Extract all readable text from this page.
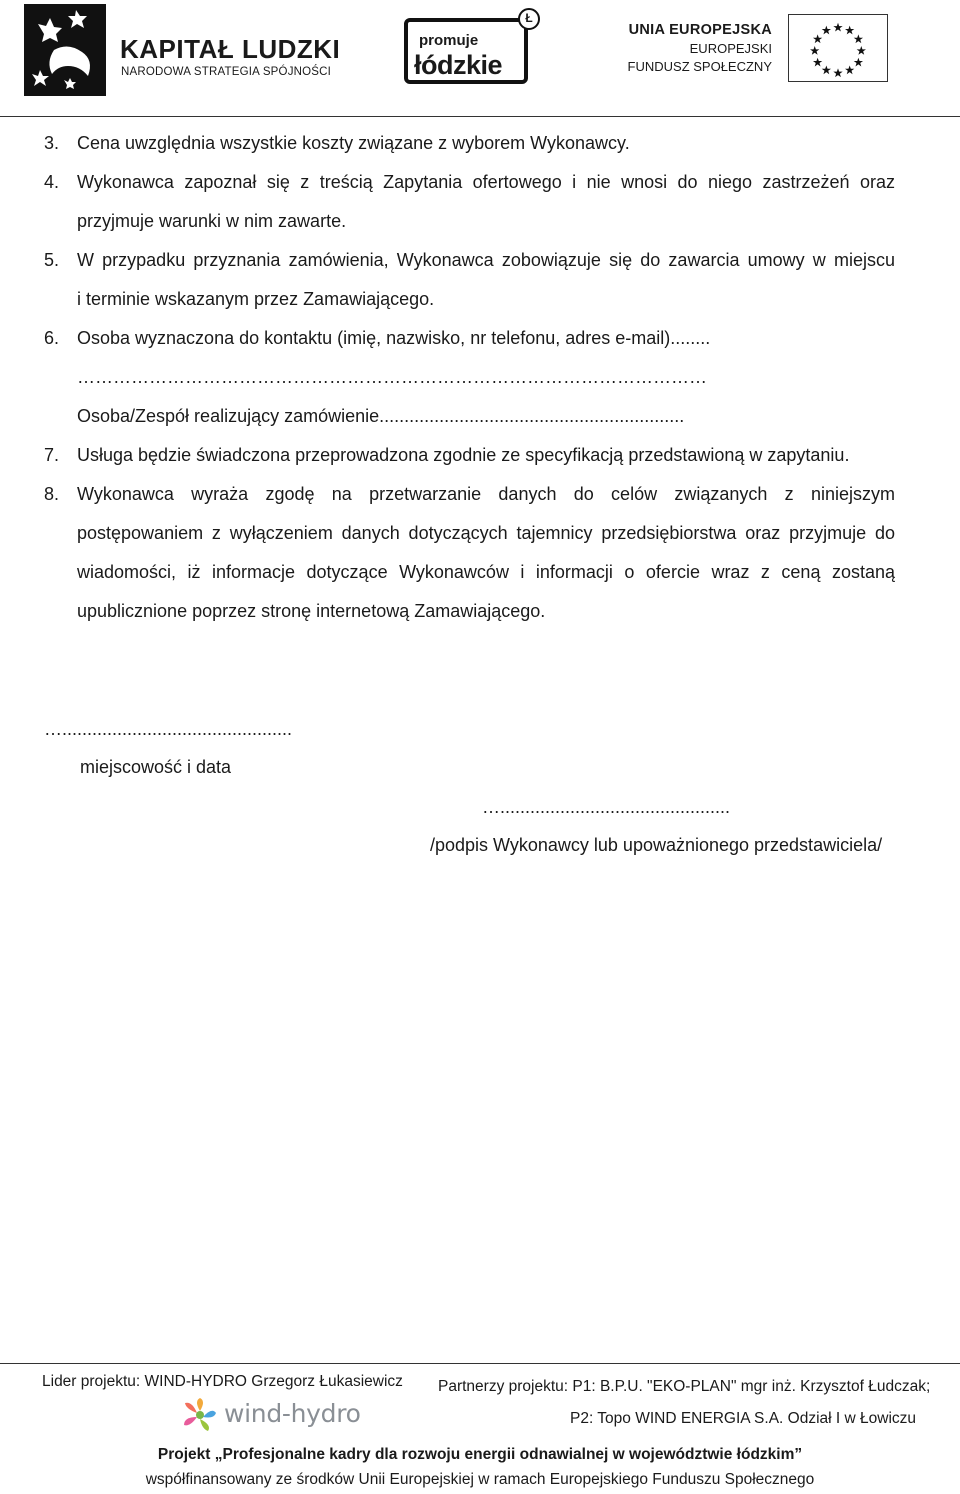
KAPITAŁ LUDZKI
NARODOWA STRATEGIA SPÓJNOŚCI
promuje
łódzkie
Ł
UNIA EUROPEJSKA
EUROPEJSKI
FUNDUSZ SPOŁECZNY
3. Cena uwzględnia wszystkie koszty związane z wyborem Wykonawcy.
4. Wykonawca zapoznał się z treścią Zapytania ofertowego i nie wnosi do niego zastrzeżeń oraz
przyjmuje warunki w nim zawarte.
5. W przypadku przyznania zamówienia, Wykonawca zobowiązuje się do zawarcia umowy w miejscu
i terminie wskazanym przez Zamawiającego.
6. Osoba wyznaczona do kontaktu (imię, nazwisko, nr telefonu, adres e-mail)........
……………………………………………………………………………………………
Osoba/Zespół realizujący zamówienie.............................................................
7. Usługa będzie świadczona przeprowadzona zgodnie ze specyfikacją przedstawioną w zapytaniu.
8. Wykonawca wyraża zgodę na przetwarzanie danych do celów związanych z niniejszym
postępowaniem z wyłączeniem danych dotyczących tajemnicy przedsiębiorstwa oraz przyjmuje do
wiadomości, iż informacje dotyczące Wykonawców i informacji o ofercie wraz z ceną zostaną
upublicznione poprzez stronę internetową Zamawiającego.
…..............................................
miejscowość i data
…..............................................
/podpis Wykonawcy lub upoważnionego przedstawiciela/
Lider projektu: WIND-HYDRO Grzegorz Łukasiewicz Partnerzy projektu: P1: B.P.U. "EKO-PLAN" mgr inż. Krzysztof Łudczak;
P2: Topo WIND ENERGIA S.A. Odział I w Łowiczu
wind-hydro
Projekt „Profesjonalne kadry dla rozwoju energii odnawialnej w województwie łódzkim”
współfinansowany ze środków Unii Europejskiej w ramach Europejskiego Funduszu Społecznego
